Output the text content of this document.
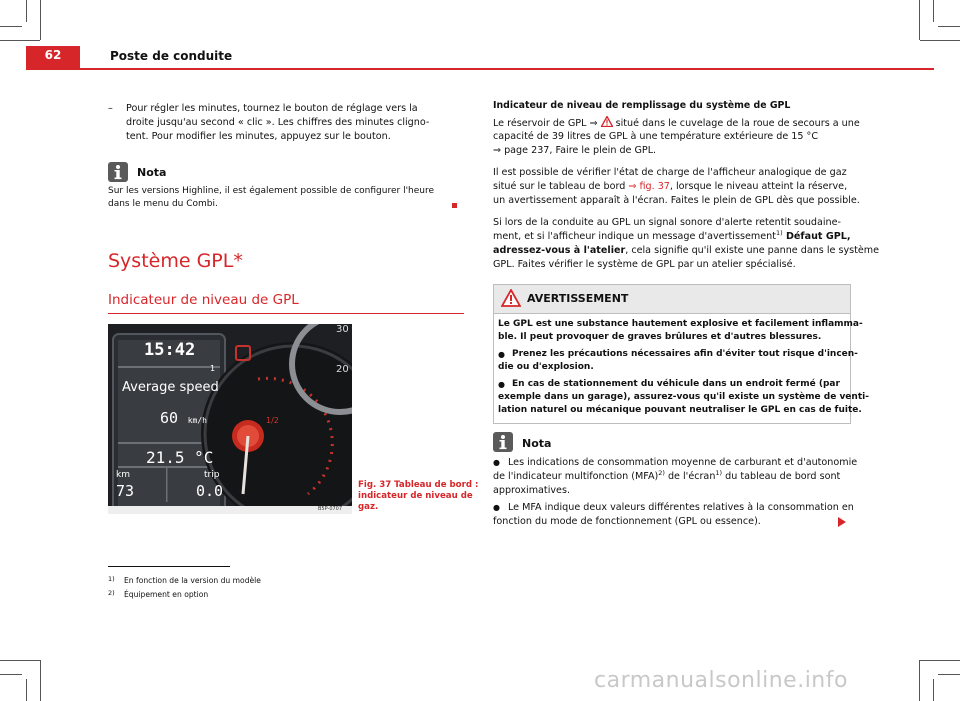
62	Poste de conduite
– Pour régler les minutes, tournez le bouton de réglage vers la
droite jusqu'au second « clic ». Les chiffres des minutes cligno-
tent. Pour modifier les minutes, appuyez sur le bouton.
Nota
Sur les versions Highline, il est également possible de configurer l'heure
dans le menu du Combi.
Système GPL*
Indicateur de niveau de GPL
15:42
1
Average speed
60 km/h
21.5 °C
km	trip
73	0.0
1/2
30
20
B5P-0707
Fig. 37 Tableau de bord :
indicateur de niveau de
gaz.
1) En fonction de la version du modèle
2) Équipement en option
Indicateur de niveau de remplissage du système de GPL
Le réservoir de GPL ⇒  situé dans le cuvelage de la roue de secours a une
capacité de 39 litres de GPL à une température extérieure de 15 °C
⇒ page 237, Faire le plein de GPL.
Il est possible de vérifier l'état de charge de l'afficheur analogique de gaz
situé sur le tableau de bord ⇒ fig. 37, lorsque le niveau atteint la réserve,
un avertissement apparaît à l'écran. Faites le plein de GPL dès que possible.
Si lors de la conduite au GPL un signal sonore d'alerte retentit soudaine-
ment, et si l'afficheur indique un message d'avertissement$^{1)}$ Défaut GPL,
adressez-vous à l'atelier, cela signifie qu'il existe une panne dans le système
GPL. Faites vérifier le système de GPL par un atelier spécialisé.
AVERTISSEMENT
Le GPL est une substance hautement explosive et facilement inflamma-
ble. Il peut provoquer de graves brûlures et d'autres blessures.
● Prenez les précautions nécessaires afin d'éviter tout risque d'incen-
die ou d'explosion.
● En cas de stationnement du véhicule dans un endroit fermé (par
exemple dans un garage), assurez-vous qu'il existe un système de venti-
lation naturel ou mécanique pouvant neutraliser le GPL en cas de fuite.
Nota
● Les indications de consommation moyenne de carburant et d'autonomie
de l'indicateur multifonction (MFA)$^{2)}$ de l'écran$^{1)}$ du tableau de bord sont
approximatives.
● Le MFA indique deux valeurs différentes relatives à la consommation en
fonction du mode de fonctionnement (GPL ou essence).
carmanualsonline.info
